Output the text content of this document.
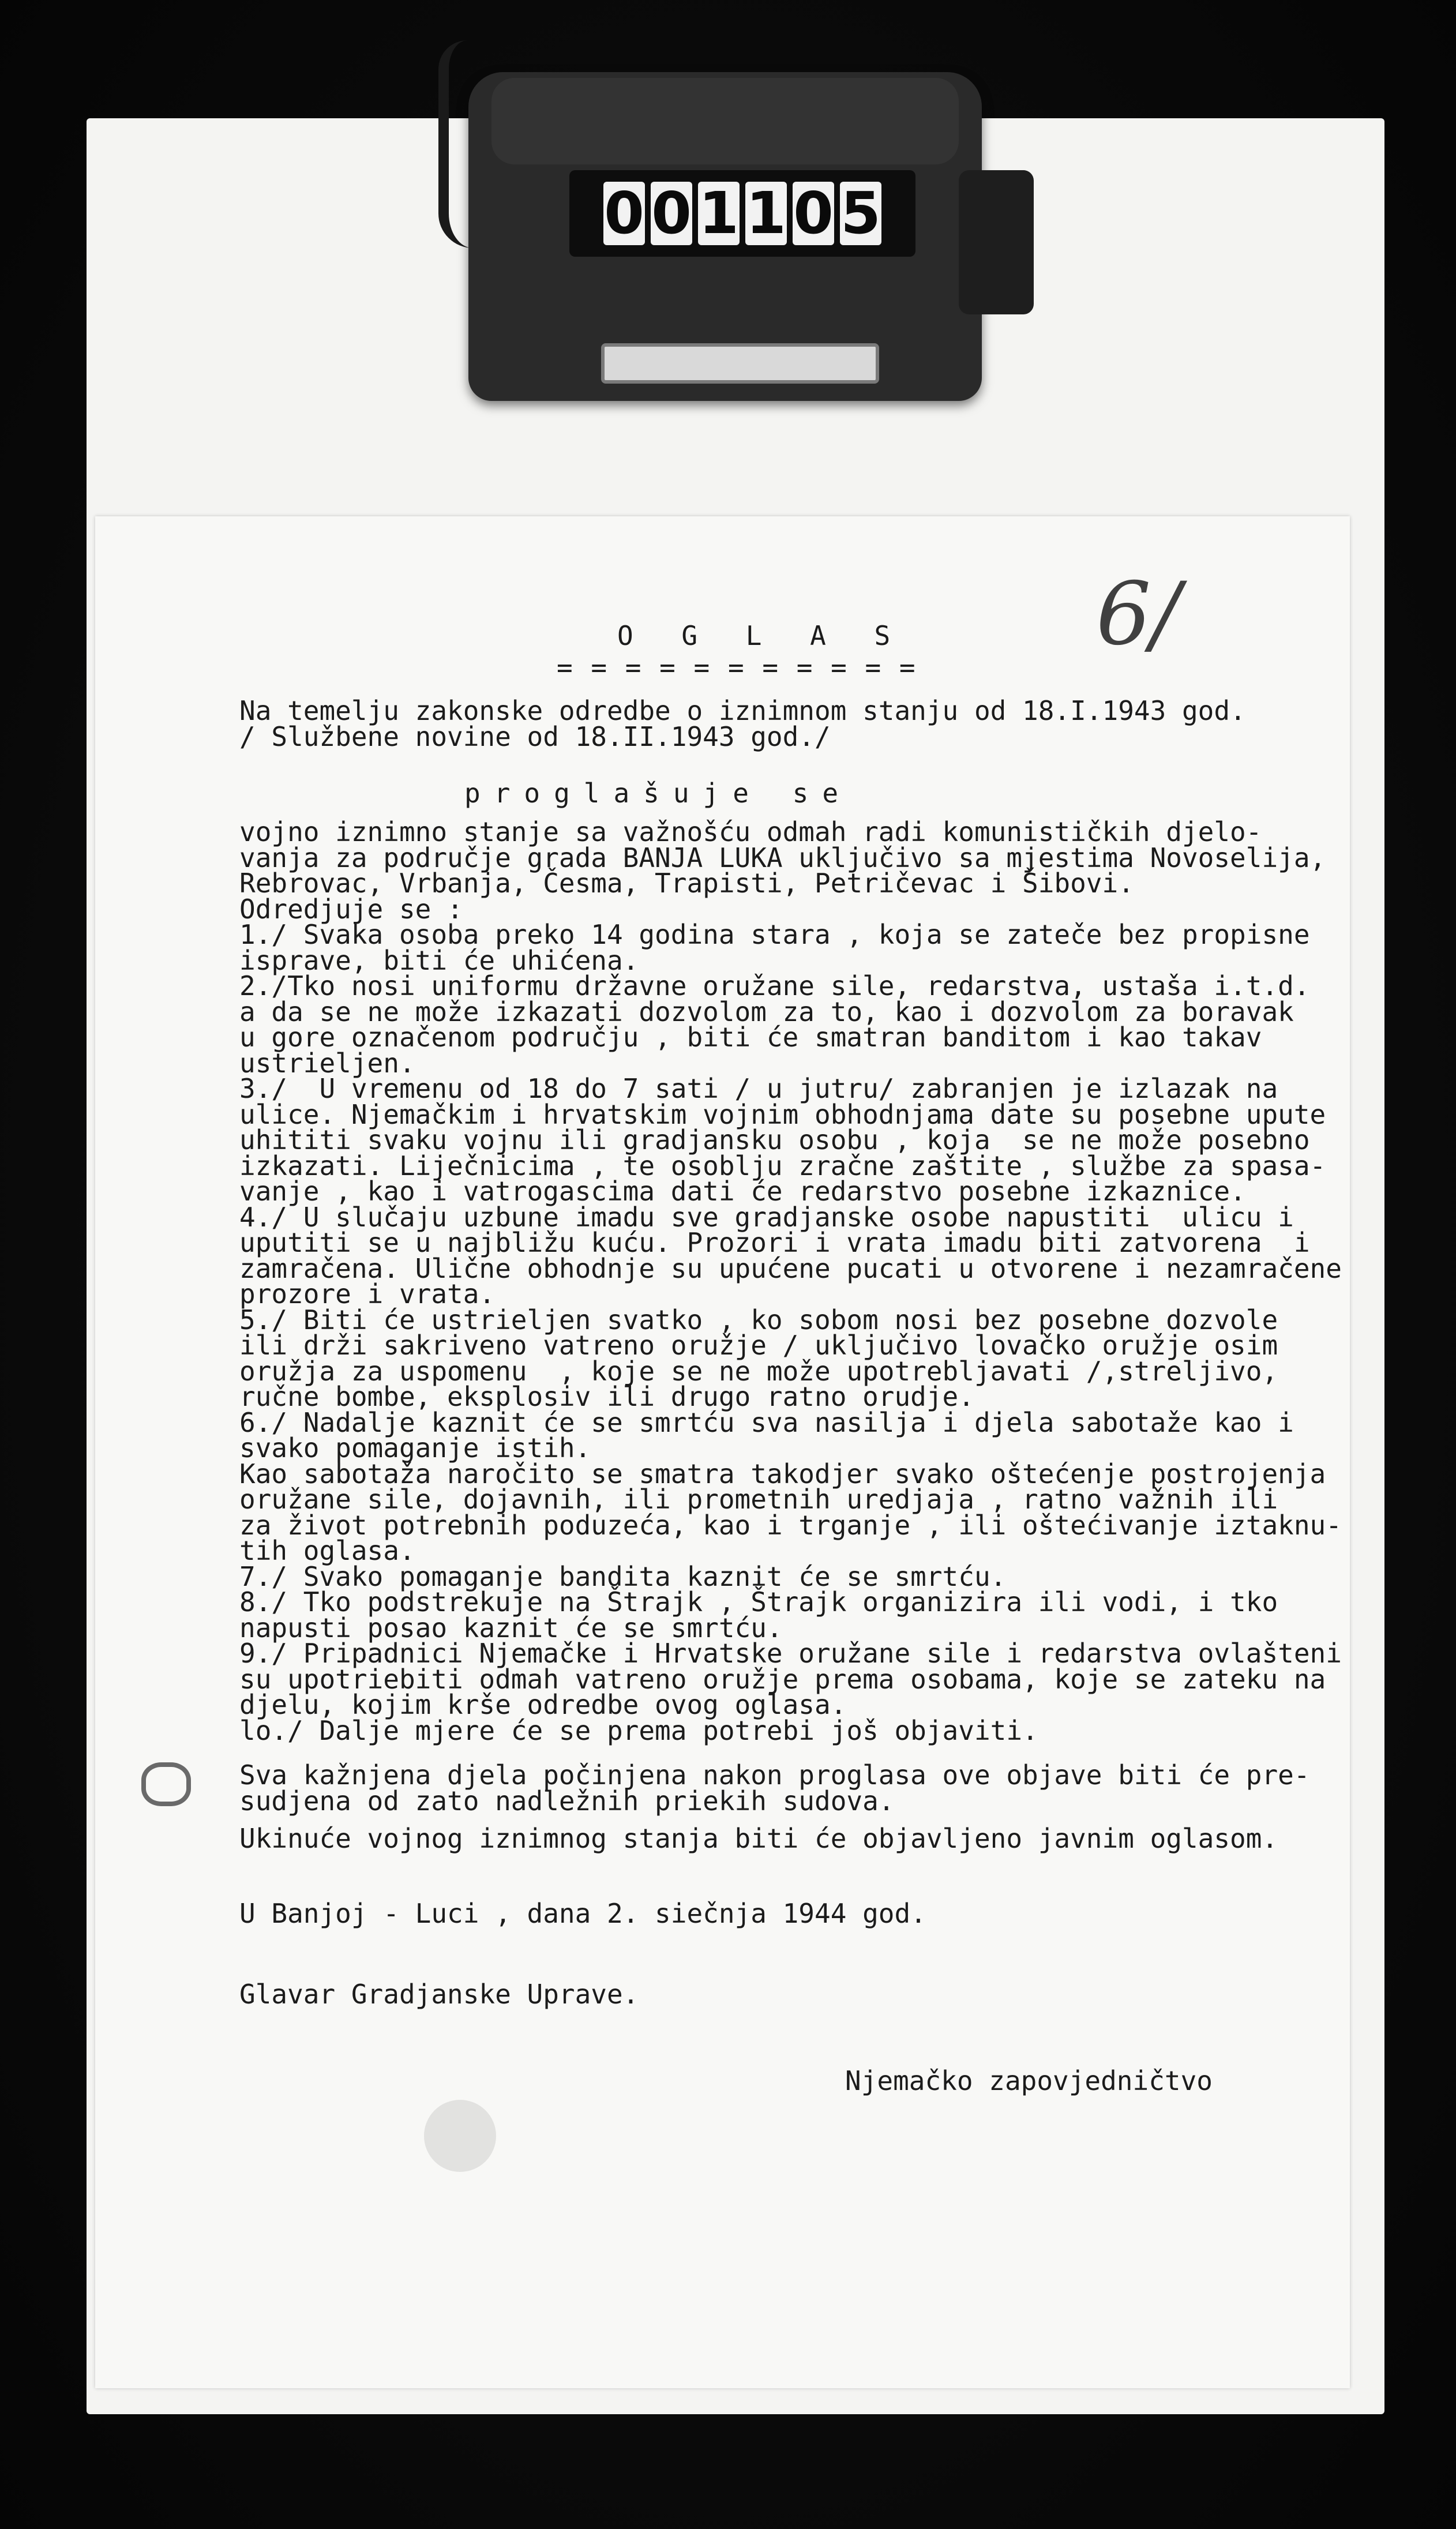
0 0 1 1 0 5
6/
O G L A S
= = = = = = = = = = =
Na temelju zakonske odredbe o iznimnom stanju od 18.I.1943 god.
/ Službene novine od 18.II.1943 god./
proglašuje se
vojno iznimno stanje sa važnošću odmah radi komunističkih djelo-
vanja za područje grada BANJA LUKA uključivo sa mjestima Novoselija,
Rebrovac, Vrbanja, Česma, Trapisti, Petričevac i Šibovi.
Odredjuje se :
1./ Svaka osoba preko 14 godina stara , koja se zateče bez propisne
isprave, biti će uhićena.
2./Tko nosi uniformu državne oružane sile, redarstva, ustaša i.t.d.
a da se ne može izkazati dozvolom za to, kao i dozvolom za boravak
u gore označenom području , biti će smatran banditom i kao takav
ustrieljen.
3./  U vremenu od 18 do 7 sati / u jutru/ zabranjen je izlazak na
ulice. Njemačkim i hrvatskim vojnim obhodnjama date su posebne upute
uhititi svaku vojnu ili gradjansku osobu , koja  se ne može posebno
izkazati. Liječnicima , te osoblju zračne zaštite , službe za spasa-
vanje , kao i vatrogascima dati će redarstvo posebne izkaznice.
4./ U slučaju uzbune imadu sve gradjanske osobe napustiti  ulicu i
uputiti se u najbližu kuću. Prozori i vrata imadu biti zatvorena  i
zamračena. Ulične obhodnje su upućene pucati u otvorene i nezamračene
prozore i vrata.
5./ Biti će ustrieljen svatko , ko sobom nosi bez posebne dozvole
ili drži sakriveno vatreno oružje / uključivo lovačko oružje osim
oružja za uspomenu  , koje se ne može upotrebljavati /,streljivo,
ručne bombe, eksplosiv ili drugo ratno orudje.
6./ Nadalje kaznit će se smrtću sva nasilja i djela sabotaže kao i
svako pomaganje istih.
Kao sabotaža naročito se smatra takodjer svako oštećenje postrojenja
oružane sile, dojavnih, ili prometnih uredjaja , ratno važnih ili
za život potrebnih poduzeća, kao i trganje , ili oštećivanje iztaknu-
tih oglasa.
7./ Svako pomaganje bandita kaznit će se smrtću.
8./ Tko podstrekuje na Štrajk , Štrajk organizira ili vodi, i tko
napusti posao kaznit će se smrtću.
9./ Pripadnici Njemačke i Hrvatske oružane sile i redarstva ovlašteni
su upotriebiti odmah vatreno oružje prema osobama, koje se zateku na
djelu, kojim krše odredbe ovog oglasa.
lo./ Dalje mjere će se prema potrebi još objaviti.
Sva kažnjena djela počinjena nakon proglasa ove objave biti će pre-
sudjena od zato nadležnih priekih sudova.
Ukinuće vojnog iznimnog stanja biti će objavljeno javnim oglasom.
U Banjoj - Luci , dana 2. siečnja 1944 god.
Glavar Gradjanske Uprave.
Njemačko zapovjedničtvo
